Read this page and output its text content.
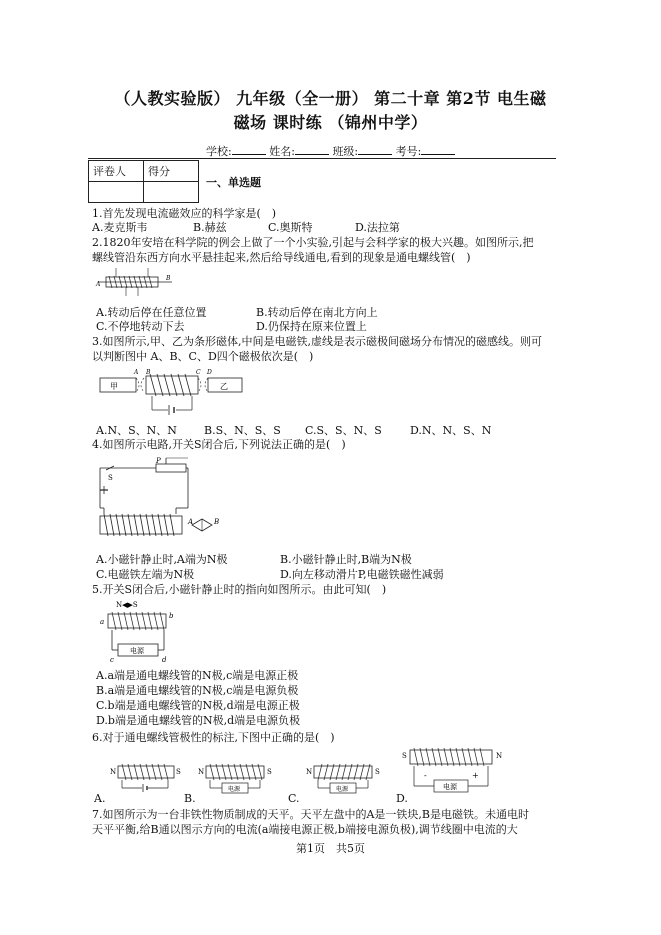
（人教实验版） 九年级（全一册） 第二十章 第2节 电生磁
磁场 课时练 （锦州中学）
学校:	姓名:	班级:	考号:
评卷人	得分

一、单选题
1.首先发现电流磁效应的科学家是(　)
A.麦克斯韦	B.赫兹	C.奥斯特	D.法拉第
2.1820年安培在科学院的例会上做了一个小实验,引起与会科学家的极大兴趣。如图所示,把
螺线管沿东西方向水平悬挂起来,然后给导线通电,看到的现象是通电螺线管(　)
A
B
A.转动后停在任意位置	B.转动后停在南北方向上
C.不停地转动下去	D.仍保持在原来位置上
3.如图所示,甲、乙为条形磁体,中间是电磁铁,虚线是表示磁极间磁场分布情况的磁感线。则可
以判断图中 A、B、C、D四个磁极依次是(　)
甲	乙
A B	C D
A.N、S、N、N B.S、N、S、S C.S、S、N、S	D.N、N、S、N
4.如图所示电路,开关S闭合后,下列说法正确的是(　)
P
S
A	B
A.小磁针静止时,A端为N极	B.小磁针静止时,B端为N极
C.电磁铁左端为N极	D.向左移动滑片P,电磁铁磁性减弱
5.开关S闭合后,小磁针静止时的指向如图所示。由此可知(　)
N◀▶S
a
b
电源
c	d
A.a端是通电螺线管的N极,c端是电源正极
B.a端是通电螺线管的N极,c端是电源负极
C.b端是通电螺线管的N极,d端是电源正极
D.b端是通电螺线管的N极,d端是电源负极
6.对于通电螺线管极性的标注,下图中正确的是(　)
N	S
A.
N	S
电源
B.
N	S
电源
C.
S	N
电源
-	+
D.
7.如图所示为一台非铁性物质制成的天平。天平左盘中的A是一铁块,B是电磁铁。未通电时
天平平衡,给B通以图示方向的电流(a端接电源正极,b端接电源负极),调节线圈中电流的大
第1页　共5页
